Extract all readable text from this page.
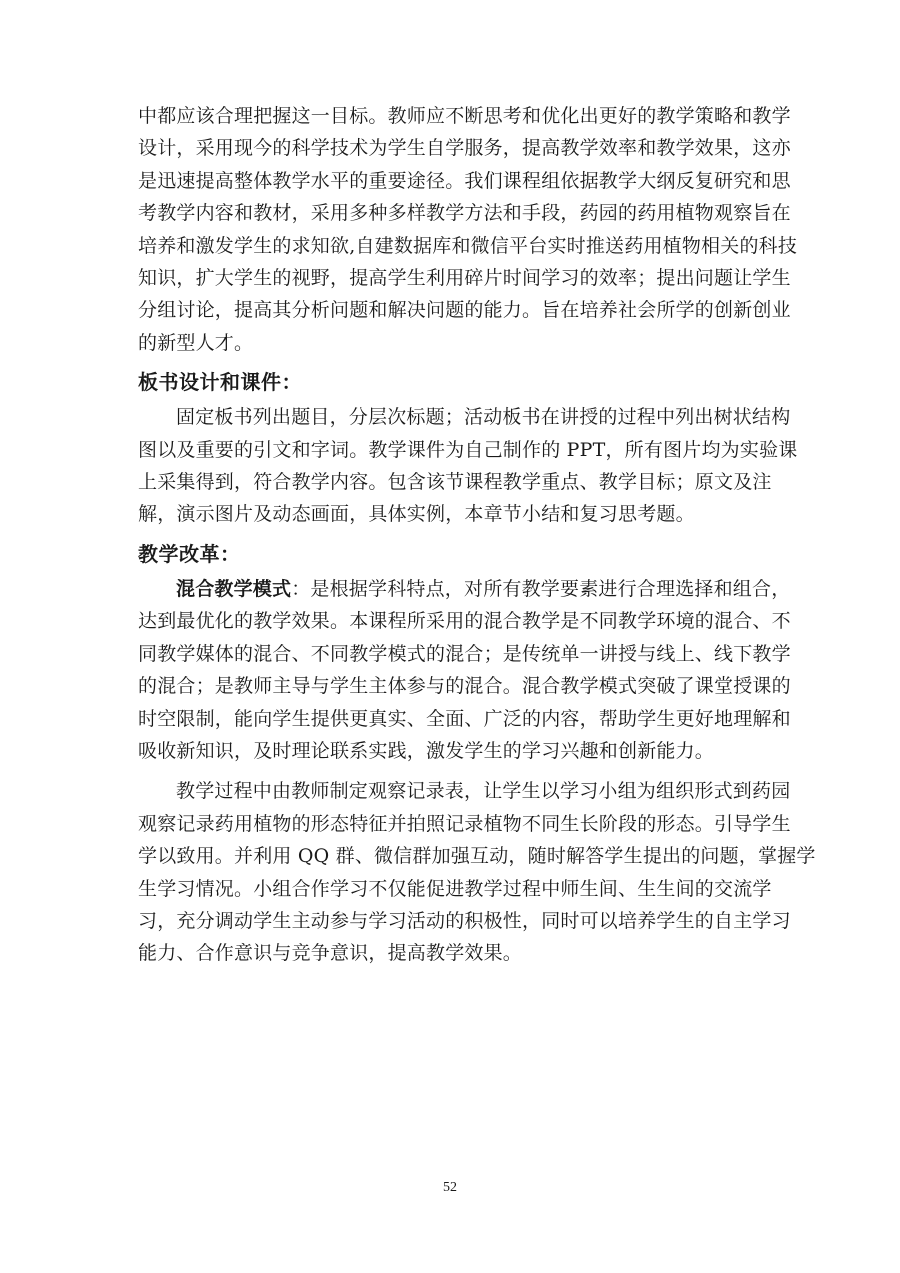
中都应该合理把握这一目标。教师应不断思考和优化出更好的教学策略和教学
设计，采用现今的科学技术为学生自学服务，提高教学效率和教学效果，这亦
是迅速提高整体教学水平的重要途径。我们课程组依据教学大纲反复研究和思
考教学内容和教材，采用多种多样教学方法和手段，药园的药用植物观察旨在
培养和激发学生的求知欲,自建数据库和微信平台实时推送药用植物相关的科技
知识，扩大学生的视野，提高学生利用碎片时间学习的效率；提出问题让学生
分组讨论，提高其分析问题和解决问题的能力。旨在培养社会所学的创新创业
的新型人才。
板书设计和课件：
固定板书列出题目，分层次标题；活动板书在讲授的过程中列出树状结构
图以及重要的引文和字词。教学课件为自己制作的 PPT，所有图片均为实验课
上采集得到，符合教学内容。包含该节课程教学重点、教学目标；原文及注
解，演示图片及动态画面，具体实例，本章节小结和复习思考题。
教学改革：
混合教学模式：是根据学科特点，对所有教学要素进行合理选择和组合，
达到最优化的教学效果。本课程所采用的混合教学是不同教学环境的混合、不
同教学媒体的混合、不同教学模式的混合；是传统单一讲授与线上、线下教学
的混合；是教师主导与学生主体参与的混合。混合教学模式突破了课堂授课的
时空限制，能向学生提供更真实、全面、广泛的内容，帮助学生更好地理解和
吸收新知识，及时理论联系实践，激发学生的学习兴趣和创新能力。
教学过程中由教师制定观察记录表，让学生以学习小组为组织形式到药园
观察记录药用植物的形态特征并拍照记录植物不同生长阶段的形态。引导学生
学以致用。并利用 QQ 群、微信群加强互动，随时解答学生提出的问题，掌握学
生学习情况。小组合作学习不仅能促进教学过程中师生间、生生间的交流学
习，充分调动学生主动参与学习活动的积极性，同时可以培养学生的自主学习
能力、合作意识与竞争意识，提高教学效果。
52
